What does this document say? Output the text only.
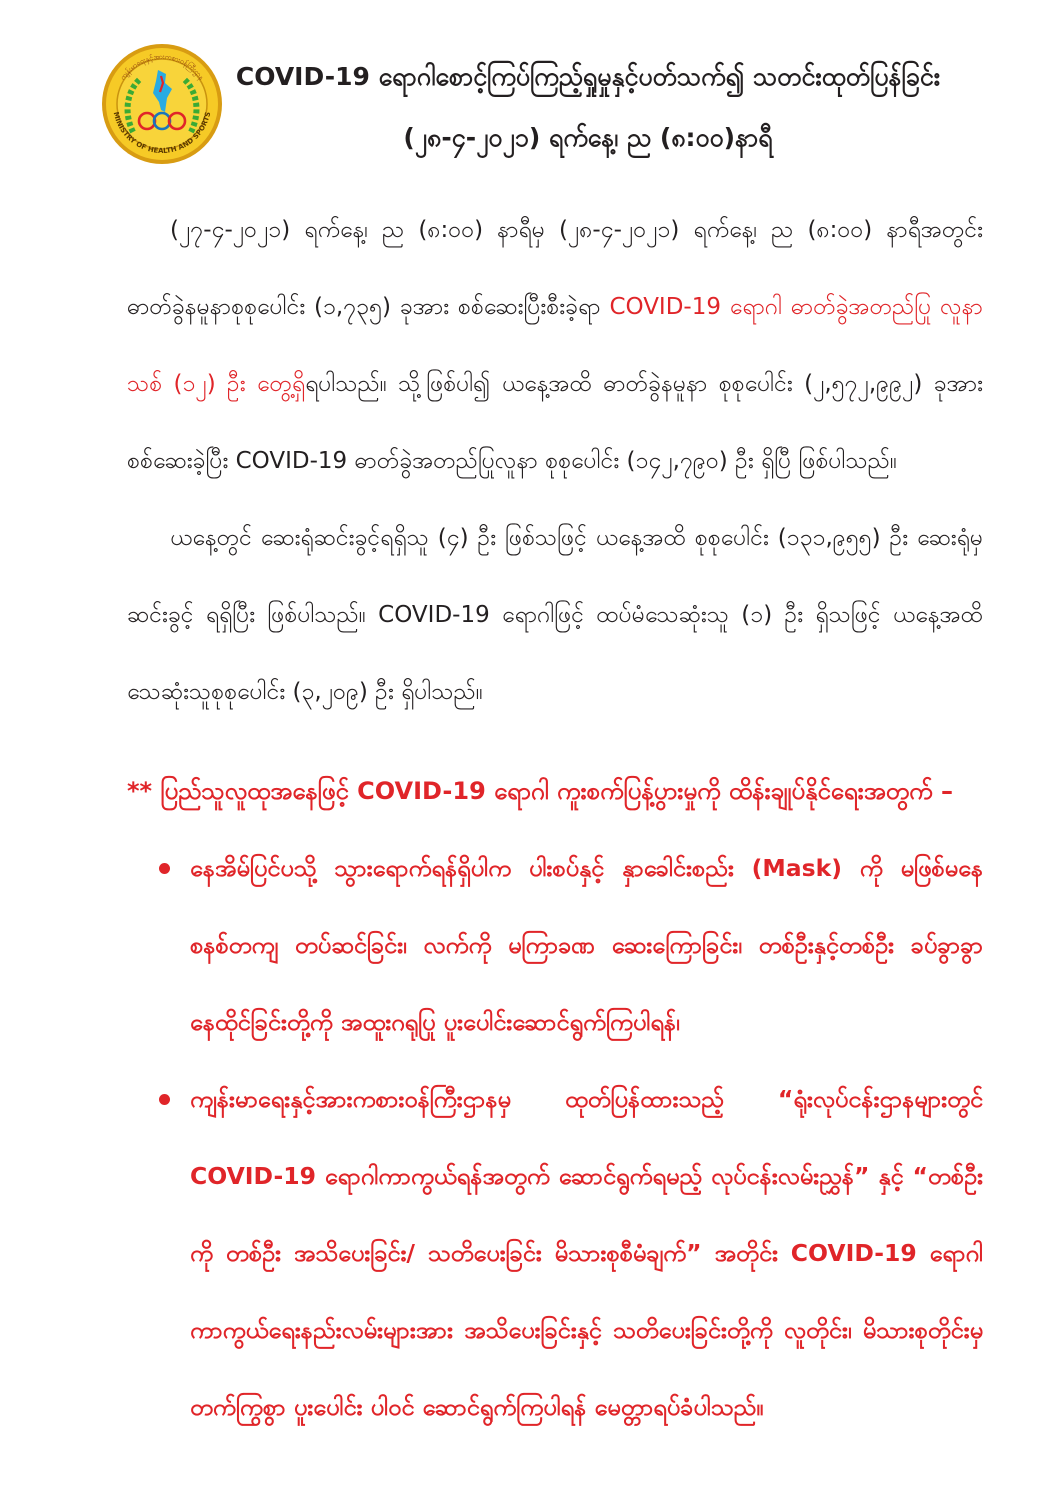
ကျန်းမာရေးနှင့်အားကစားဝန်ကြီးဌာန
MINISTRY OF HEALTH AND SPORTS
COVID-19 ရောဂါစောင့်ကြပ်ကြည့်ရှုမှုနှင့်ပတ်သက်၍ သတင်းထုတ်ပြန်ခြင်း
(၂၈-၄-၂၀၂၁) ရက်နေ့၊ ည (၈:၀၀)နာရီ

(၂၇-၄-၂၀၂၁) ရက်နေ့၊ ည (၈:၀၀) နာရီမှ (၂၈-၄-၂၀၂၁) ရက်နေ့၊ ည (၈:၀၀) နာရီအတွင်း ဓာတ်ခွဲနမူနာစုစုပေါင်း (၁,၇၃၅) ခုအား စစ်ဆေးပြီးစီးခဲ့ရာ COVID-19 ရောဂါ ဓာတ်ခွဲအတည်ပြု လူနာသစ် (၁၂) ဦး တွေ့ရှိရပါသည်။ သို့ဖြစ်ပါ၍ ယနေ့အထိ ဓာတ်ခွဲနမူနာ စုစုပေါင်း (၂,၅၇၂,၉၉၂) ခုအား စစ်ဆေးခဲ့ပြီး COVID-19 ဓာတ်ခွဲအတည်ပြုလူနာ စုစုပေါင်း (၁၄၂,၇၉၀) ဦး ရှိပြီ ဖြစ်ပါသည်။

ယနေ့တွင် ဆေးရုံဆင်းခွင့်ရရှိသူ (၄) ဦး ဖြစ်သဖြင့် ယနေ့အထိ စုစုပေါင်း (၁၃၁,၉၅၅) ဦး ဆေးရုံမှ ဆင်းခွင့် ရရှိပြီး ဖြစ်ပါသည်။ COVID-19 ရောဂါဖြင့် ထပ်မံသေဆုံးသူ (၁) ဦး ရှိသဖြင့် ယနေ့အထိ သေဆုံးသူစုစုပေါင်း (၃,၂၀၉) ဦး ရှိပါသည်။

** ပြည်သူလူထုအနေဖြင့် COVID-19 ရောဂါ ကူးစက်ပြန့်ပွားမှုကို ထိန်းချုပ်နိုင်ရေးအတွက် –

နေအိမ်ပြင်ပသို့ သွားရောက်ရန်ရှိပါက ပါးစပ်နှင့် နှာခေါင်းစည်း (Mask) ကို မဖြစ်မနေ စနစ်တကျ တပ်ဆင်ခြင်း၊ လက်ကို မကြာခဏ ဆေးကြောခြင်း၊ တစ်ဦးနှင့်တစ်ဦး ခပ်ခွာခွာ နေထိုင်ခြင်းတို့ကို အထူးဂရုပြု ပူးပေါင်းဆောင်ရွက်ကြပါရန်၊

ကျန်းမာရေးနှင့်အားကစားဝန်ကြီးဌာနမှ ထုတ်ပြန်ထားသည့် “ရုံးလုပ်ငန်းဌာနများတွင် COVID-19 ရောဂါကာကွယ်ရန်အတွက် ဆောင်ရွက်ရမည့် လုပ်ငန်းလမ်းညွှန်” နှင့် “တစ်ဦးကို တစ်ဦး အသိပေးခြင်း/ သတိပေးခြင်း မိသားစုစီမံချက်” အတိုင်း COVID-19 ရောဂါ ကာကွယ်ရေးနည်းလမ်းများအား အသိပေးခြင်းနှင့် သတိပေးခြင်းတို့ကို လူတိုင်း၊ မိသားစုတိုင်းမှ တက်ကြွစွာ ပူးပေါင်း ပါဝင် ဆောင်ရွက်ကြပါရန် မေတ္တာရပ်ခံပါသည်။
